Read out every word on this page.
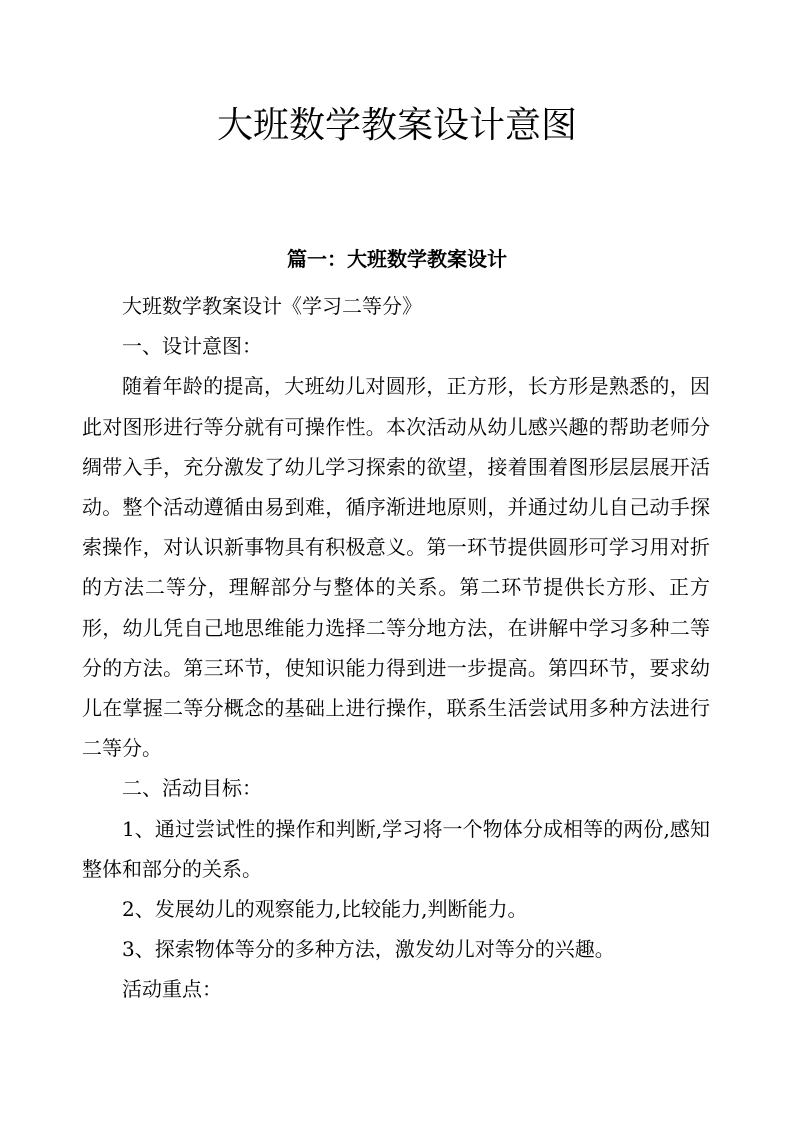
大班数学教案设计意图
篇一：大班数学教案设计

大班数学教案设计《学习二等分》

一、设计意图：

随着年龄的提高，大班幼儿对圆形，正方形，长方形是熟悉的，因此对图形进行等分就有可操作性。本次活动从幼儿感兴趣的帮助老师分绸带入手，充分激发了幼儿学习探索的欲望，接着围着图形层层展开活动。整个活动遵循由易到难，循序渐进地原则，并通过幼儿自己动手探索操作，对认识新事物具有积极意义。第一环节提供圆形可学习用对折的方法二等分，理解部分与整体的关系。第二环节提供长方形、正方形，幼儿凭自己地思维能力选择二等分地方法，在讲解中学习多种二等分的方法。第三环节，使知识能力得到进一步提高。第四环节，要求幼儿在掌握二等分概念的基础上进行操作，联系生活尝试用多种方法进行二等分。

二、活动目标：

1、通过尝试性的操作和判断,学习将一个物体分成相等的两份,感知整体和部分的关系。

2、发展幼儿的观察能力,比较能力,判断能力。

3、探索物体等分的多种方法，激发幼儿对等分的兴趣。

活动重点：
